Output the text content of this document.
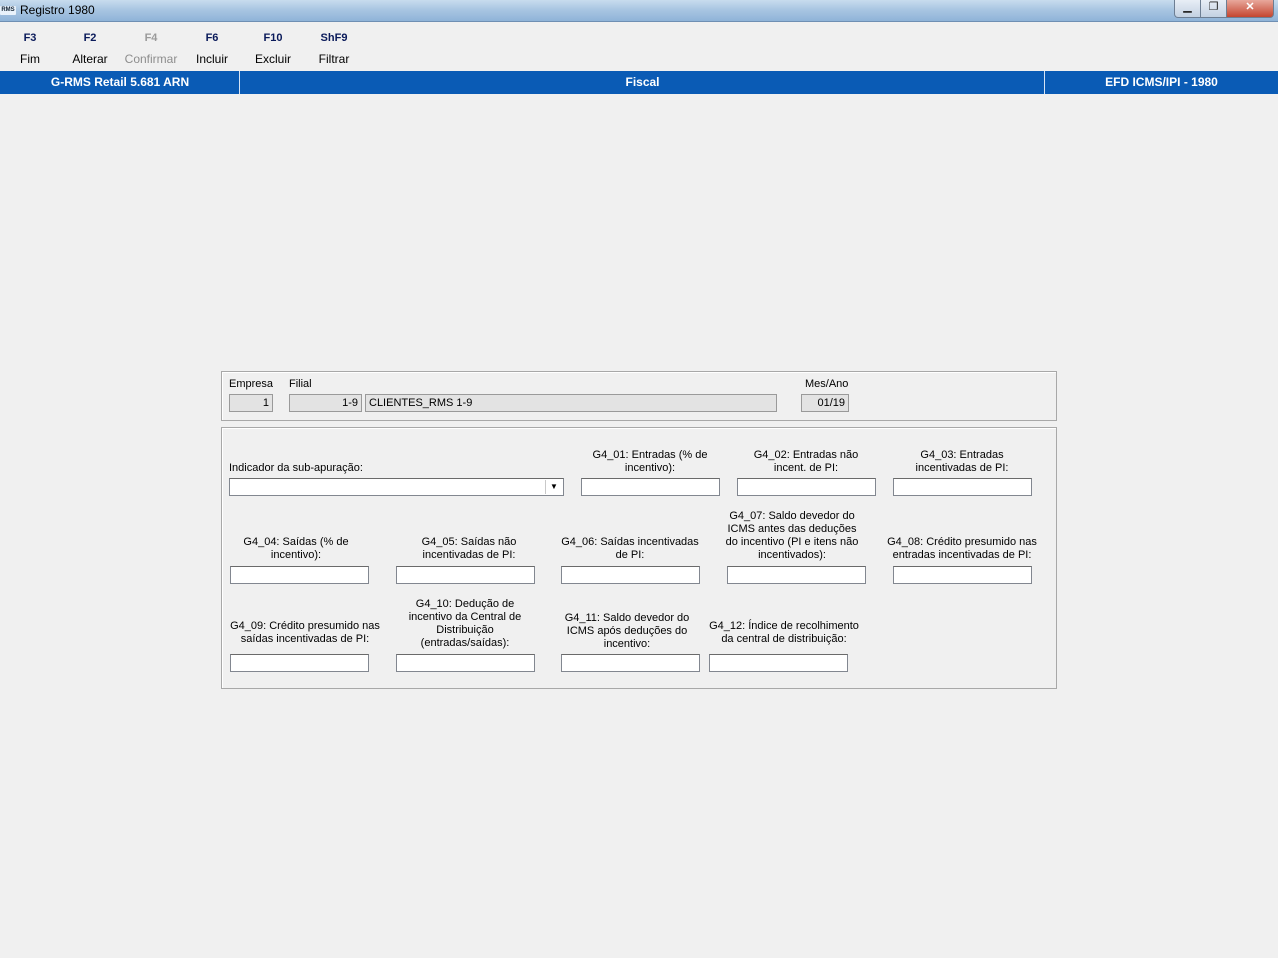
RMS Registro 1980	▁	❐	✕
F3
Fim
F2
Alterar
F4
Confirmar
F6
Incluir
F10
Excluir
ShF9
Filtrar
G-RMS Retail 5.681 ARN	Fiscal	EFD ICMS/IPI - 1980
Empresa
1
Filial
1-9	CLIENTES_RMS 1-9
Mes/Ano
01/19
Indicador da sub-apuração:
▼
G4_01: Entradas (% de incentivo):
G4_02: Entradas não incent. de PI:
G4_03: Entradas incentivadas de PI:
G4_04: Saídas (% de incentivo):
G4_05: Saídas não incentivadas de PI:
G4_06: Saídas incentivadas de PI:
G4_07: Saldo devedor do ICMS antes das deduções do incentivo (PI e itens não incentivados):
G4_08: Crédito presumido nas entradas incentivadas de PI:
G4_09: Crédito presumido nas saídas incentivadas de PI:
G4_10: Dedução de incentivo da Central de Distribuição (entradas/saídas):
G4_11: Saldo devedor do ICMS após deduções do incentivo:
G4_12: Índice de recolhimento da central de distribuição:
